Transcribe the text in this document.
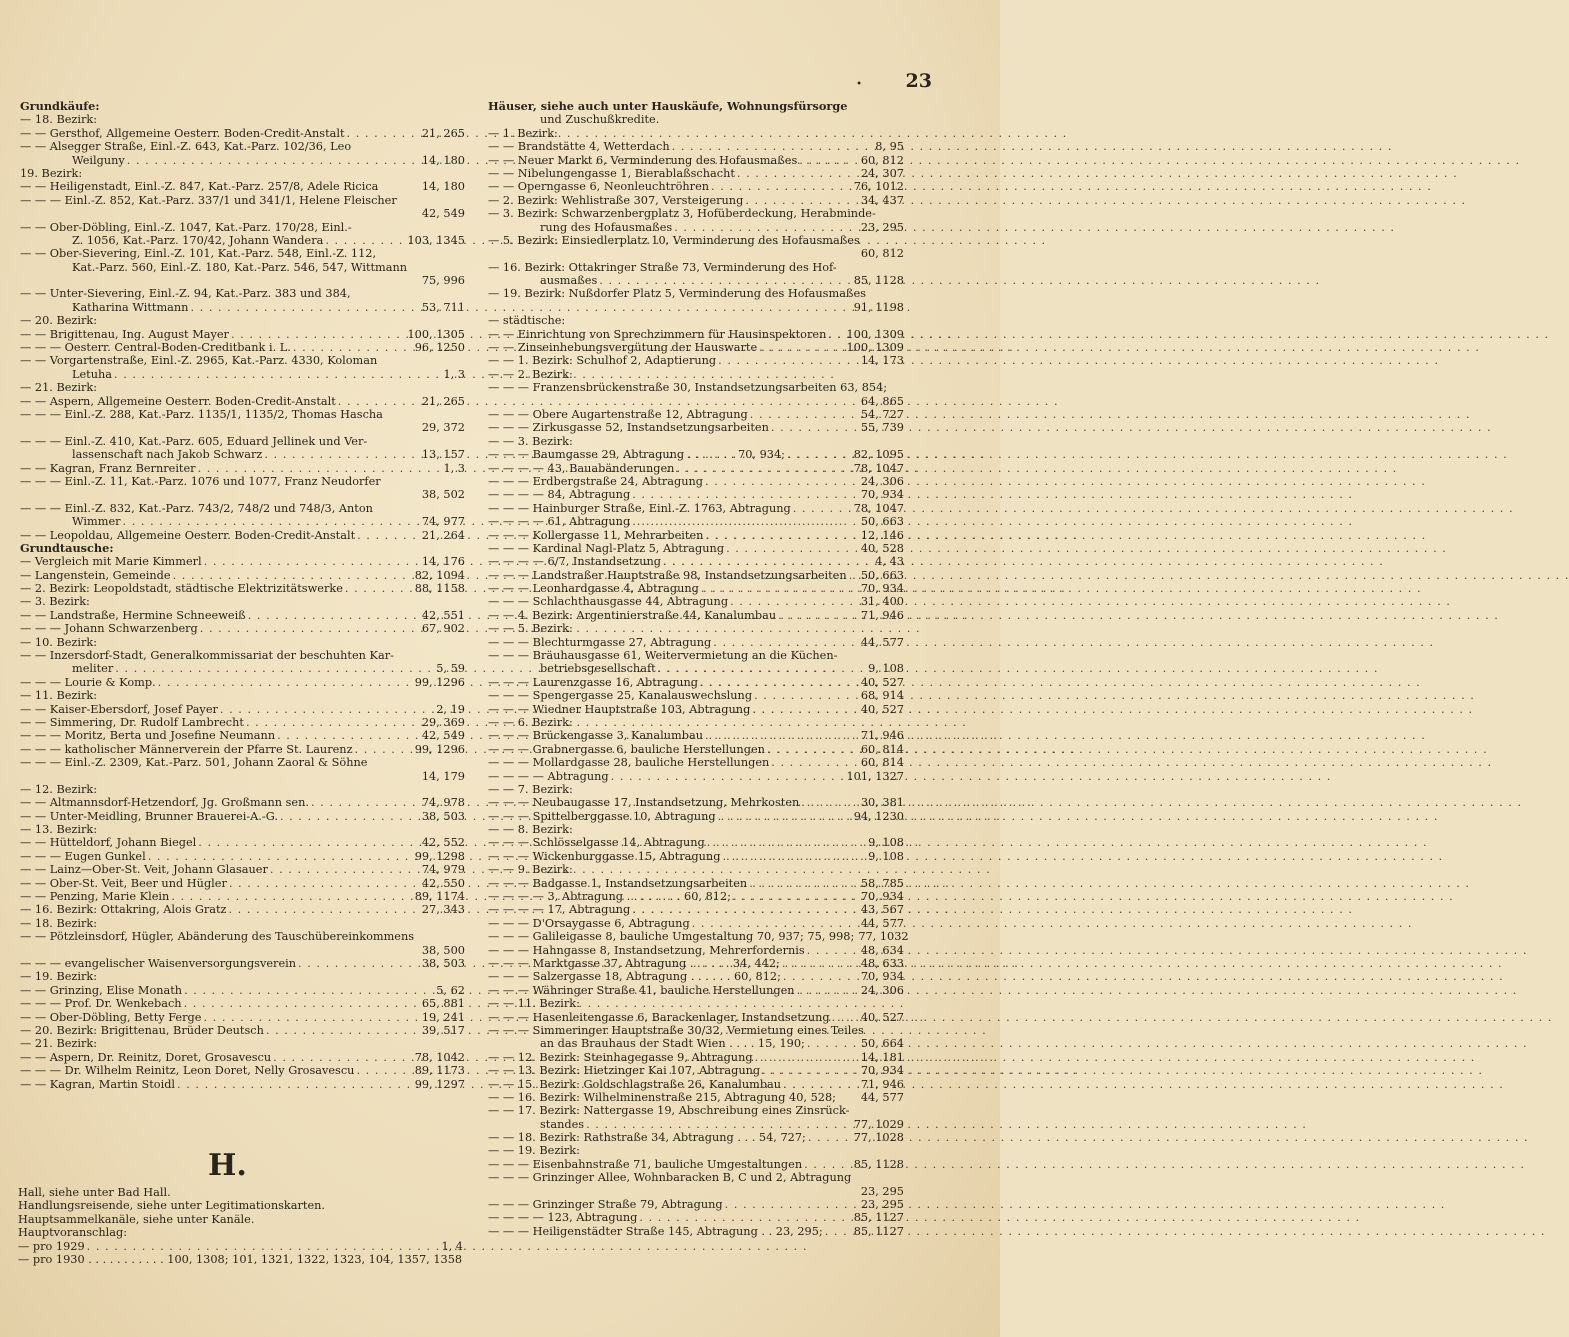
• 23
Grundkäufe:
— 18. Bezirk:
— — Gersthof, Allgemeine Oesterr. Boden-Credit-Anstalt . . .	21, 265
— — Alsegger Straße, Einl.-Z. 643, Kat.-Parz. 102/36, Leo
Weilguny . . .	14, 180
19. Bezirk:
— — Heiligenstadt, Einl.-Z. 847, Kat.-Parz. 257/8, Adele Ricica	14, 180
— — — Einl.-Z. 852, Kat.-Parz. 337/1 und 341/1, Helene Fleischer
42, 549
— — Ober-Döbling, Einl.-Z. 1047, Kat.-Parz. 170/28, Einl.-
Z. 1056, Kat.-Parz. 170/42, Johann Wandera . . .	103, 1345
— — Ober-Sievering, Einl.-Z. 101, Kat.-Parz. 548, Einl.-Z. 112,
Kat.-Parz. 560, Einl.-Z. 180, Kat.-Parz. 546, 547, Wittmann
75, 996
— — Unter-Sievering, Einl.-Z. 94, Kat.-Parz. 383 und 384,
Katharina Wittmann . . .	53, 711
— 20. Bezirk:
— — Brigittenau, Ing. August Mayer . . .	100, 1305
— — — Oesterr. Central-Boden-Creditbank i. L. . . .	96, 1250
— — Vorgartenstraße, Einl.-Z. 2965, Kat.-Parz. 4330, Koloman
Letuha . . .	1, 3
— 21. Bezirk:
— — Aspern, Allgemeine Oesterr. Boden-Credit-Anstalt . . .	21, 265
— — — Einl.-Z. 288, Kat.-Parz. 1135/1, 1135/2, Thomas Hascha
29, 372
— — — Einl.-Z. 410, Kat.-Parz. 605, Eduard Jellinek und Ver-
lassenschaft nach Jakob Schwarz . . .	13, 157
— — Kagran, Franz Bernreiter . . .	1, 3
— — — Einl.-Z. 11, Kat.-Parz. 1076 und 1077, Franz Neudorfer
38, 502
— — — Einl.-Z. 832, Kat.-Parz. 743/2, 748/2 und 748/3, Anton
Wimmer . . .	74, 977
— — Leopoldau, Allgemeine Oesterr. Boden-Credit-Anstalt . . .	21, 264
Grundtausche:
— Vergleich mit Marie Kimmerl . . .	14, 176
— Langenstein, Gemeinde . . .	82, 1094
— 2. Bezirk: Leopoldstadt, städtische Elektrizitätswerke . . .	88, 1158
— 3. Bezirk:
— — Landstraße, Hermine Schneeweiß . . .	42, 551
— — — Johann Schwarzenberg . . .	67, 902
— 10. Bezirk:
— — Inzersdorf-Stadt, Generalkommissariat der beschuhten Kar-
meliter . . .	5, 59
— — — Lourie & Komp. . . .	99, 1296
— 11. Bezirk:
— — Kaiser-Ebersdorf, Josef Payer . . .	2, 19
— — Simmering, Dr. Rudolf Lambrecht . . .	29, 369
— — — Moritz, Berta und Josefine Neumann . . .	42, 549
— — — katholischer Männerverein der Pfarre St. Laurenz . . .	99, 1296
— — — Einl.-Z. 2309, Kat.-Parz. 501, Johann Zaoral & Söhne
14, 179
— 12. Bezirk:
— — Altmannsdorf-Hetzendorf, Jg. Großmann sen. . . .	74, 978
— — Unter-Meidling, Brunner Brauerei-A.-G. . . .	38, 503
— 13. Bezirk:
— — Hütteldorf, Johann Biegel . . .	42, 552
— — — Eugen Gunkel . . .	99, 1298
— — Lainz—Ober-St. Veit, Johann Glasauer . . .	74, 979
— — Ober-St. Veit, Beer und Hügler . . .	42, 550
— — Penzing, Marie Klein . . .	89, 1174
— 16. Bezirk: Ottakring, Alois Gratz . . .	27, 343
— 18. Bezirk:
— — Pötzleinsdorf, Hügler, Abänderung des Tauschübereinkommens
38, 500
— — — evangelischer Waisenversorgungsverein . . .	38, 503
— 19. Bezirk:
— — Grinzing, Elise Monath . . .	5, 62
— — — Prof. Dr. Wenkebach . . .	65, 881
— — Ober-Döbling, Betty Ferge . . .	19, 241
— 20. Bezirk: Brigittenau, Brüder Deutsch . . .	39, 517
— 21. Bezirk:
— — Aspern, Dr. Reinitz, Doret, Grosavescu . . .	78, 1042
— — — Dr. Wilhelm Reinitz, Leon Doret, Nelly Grosavescu . . .	89, 1173
— — Kagran, Martin Stoidl . . .	99, 1297
Häuser, siehe auch unter Hauskäufe, Wohnungsfürsorge
und Zuschußkredite.
— 1. Bezirk:
— — Brandstätte 4, Wetterdach . . .	8, 95
— — Neuer Markt 6, Verminderung des Hofausmaßes . . .	60, 812
— — Nibelungengasse 1, Bierablaßschacht . . .	24, 307
— — Operngasse 6, Neonleuchtröhren . . .	76, 1012
— 2. Bezirk: Wehlistraße 307, Versteigerung . . .	34, 437
— 3. Bezirk: Schwarzenbergplatz 3, Hofüberdeckung, Herabminde-
rung des Hofausmaßes . . .	23, 295
— 5. Bezirk: Einsiedlerplatz 10, Verminderung des Hofausmaßes
60, 812
— 16. Bezirk: Ottakringer Straße 73, Verminderung des Hof-
ausmaßes . . .	85, 1128
— 19. Bezirk: Nußdorfer Platz 5, Verminderung des Hofausmaßes
91, 1198
— städtische:
— — Einrichtung von Sprechzimmern für Hausinspektoren . . . 100, 1309
— — Zinseinhebungsvergütung der Hauswarte . . .	100, 1309
— — 1. Bezirk: Schulhof 2, Adaptierung . . .	14, 173
— — 2. Bezirk:
— — — Franzensbrückenstraße 30, Instandsetzungsarbeiten 63, 854;
64, 865
— — — Obere Augartenstraße 12, Abtragung . . .	54, 727
— — — Zirkusgasse 52, Instandsetzungsarbeiten . . .	55, 739
— — 3. Bezirk:
— — — Baumgasse 29, Abtragung . . . . . . . 70, 934; . . .	82, 1095
— — — — 43, Bauabänderungen . . .	78, 1047
— — — Erdbergstraße 24, Abtragung . . .	24, 306
— — — — 84, Abtragung . . .	70, 934
— — — Hainburger Straße, Einl.-Z. 1763, Abtragung . . .	78, 1047
— — — — 61, Abtragung . . .	50, 663
— — — Kollergasse 11, Mehrarbeiten . . .	12, 146
— — — Kardinal Nagl-Platz 5, Abtragung . . .	40, 528
— — — — 6/7, Instandsetzung . . .	4, 43
— — — Landstraßer Hauptstraße 98, Instandsetzungsarbeiten . . . 50, 663
— — — Leonhardgasse 4, Abtragung . . .	70, 934
— — — Schlachthausgasse 44, Abtragung . . .	31, 400
— — 4. Bezirk: Argentinierstraße 44, Kanalumbau . . .	71, 946
— — 5. Bezirk:
— — — Blechturmgasse 27, Abtragung . . .	44, 577
— — — Bräuhausgasse 61, Weitervermietung an die Küchen-
betriebsgesellschaft . . .	9, 108
— — — Laurenzgasse 16, Abtragung . . .	40, 527
— — — Spengergasse 25, Kanalauswechslung . . .	68, 914
— — — Wiedner Hauptstraße 103, Abtragung . . .	40, 527
— — 6. Bezirk:
— — — Brückengasse 3, Kanalumbau . . .	71, 946
— — — Grabnergasse 6, bauliche Herstellungen . . .	60, 814
— — — Mollardgasse 28, bauliche Herstellungen . . .	60, 814
— — — — Abtragung . . .	101, 1327
— — 7. Bezirk:
— — — Neubaugasse 17, Instandsetzung, Mehrkosten . . .	30, 381
— — — Spittelberggasse 10, Abtragung . . .	94, 1230
— — 8. Bezirk:
— — — Schlösselgasse 14, Abtragung . . .	9, 108
— — — Wickenburggasse 15, Abtragung . . .	9, 108
— — 9. Bezirk:
— — — Badgasse 1, Instandsetzungsarbeiten . . .	58, 785
— — — — 3, Abtragung . . . . . . . . 60, 812; . . .	70, 934
— — — — 17, Abtragung . . .	43, 567
— — — D'Orsaygasse 6, Abtragung . . .	44, 577
— — — Galileigasse 8, bauliche Umgestaltung 70, 937; 75, 998; 77, 1032
— — — Hahngasse 8, Instandsetzung, Mehrerfordernis . . .	48, 634
— — — Marktgasse 37, Abtragung . . . . . . 34, 442; . . .	48, 633
— — — Salzergasse 18, Abtragung . . . . . . 60, 812; . . .	70, 934
— — — Währinger Straße 41, bauliche Herstellungen . . .	24, 306
— — 11. Bezirk:
— — — Hasenleitengasse 6, Barackenlager, Instandsetzung . . .	40, 527
— — — Simmeringer Hauptstraße 30/32, Vermietung eines Teiles
an das Brauhaus der Stadt Wien . . . . 15, 190; . . .	50, 664
— — 12. Bezirk: Steinhagegasse 9, Abtragung . . .	14, 181
— — 13. Bezirk: Hietzinger Kai 107, Abtragung . . .	70, 934
— — 15. Bezirk: Goldschlagstraße 26, Kanalumbau . . .	71, 946
— — 16. Bezirk: Wilhelminenstraße 215, Abtragung 40, 528; 44, 577
— — 17. Bezirk: Nattergasse 19, Abschreibung eines Zinsrück-
standes . . .	77, 1029
— — 18. Bezirk: Rathstraße 34, Abtragung . . . 54, 727; . . .	77, 1028
— — 19. Bezirk:
— — — Eisenbahnstraße 71, bauliche Umgestaltungen . . .	85, 1128
— — — Grinzinger Allee, Wohnbaracken B, C und 2, Abtragung
23, 295
— — — Grinzinger Straße 79, Abtragung . . .	23, 295
— — — — 123, Abtragung . . .	85, 1127
— — — Heiligenstädter Straße 145, Abtragung . . 23, 295; . . .	85, 1127
H.
Hall, siehe unter Bad Hall.
Handlungsreisende, siehe unter Legitimationskarten.
Hauptsammelkanäle, siehe unter Kanäle.
Hauptvoranschlag:
— pro 1929 . . .	1, 4
— pro 1930 . . . . . . . . . . . 100, 1308; 101, 1321, 1322, 1323, 104, 1357, 1358
